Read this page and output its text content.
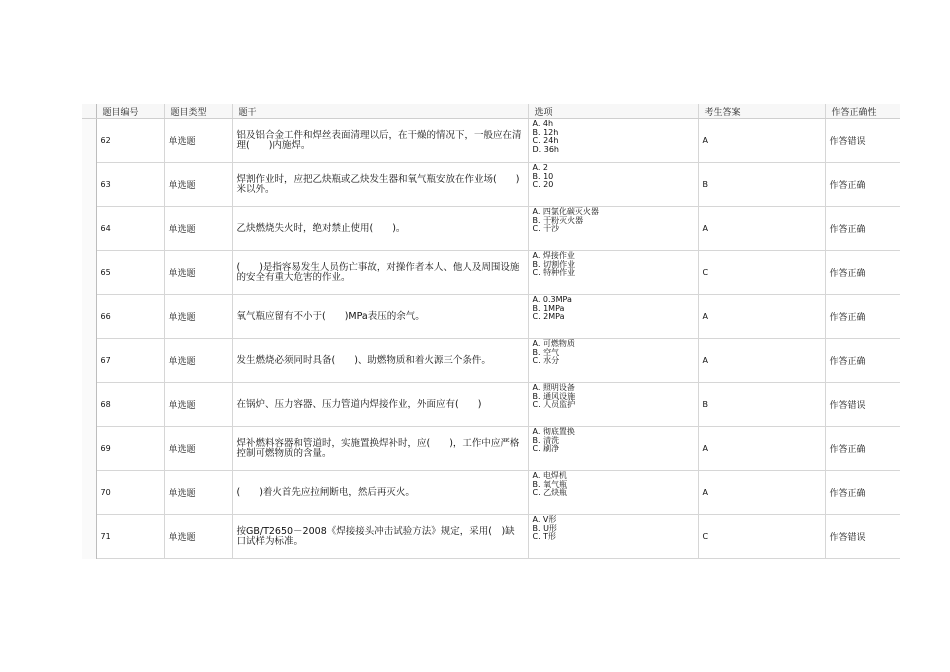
	题目编号	题目类型	题干	选项	考生答案	作答正确性
	62	单选题	铝及铝合金工件和焊丝表面清理以后，在干燥的情况下，一般应在清理(　　)内施焊。	A. 4h
B. 12h
C. 24h
D. 36h	A	作答错误
	63	单选题	焊割作业时，应把乙炔瓶或乙炔发生器和氧气瓶安放在作业场(　　)米以外。	A. 2
B. 10
C. 20	B	作答正确
	64	单选题	乙炔燃烧失火时，绝对禁止使用(　　)。	A. 四氯化碳灭火器
B. 干粉灭火器
C. 干沙	A	作答正确
	65	单选题	(　　)是指容易发生人员伤亡事故，对操作者本人、他人及周围设施的安全有重大危害的作业。	A. 焊接作业
B. 切割作业
C. 特种作业	C	作答正确
	66	单选题	氧气瓶应留有不小于(　　)MPa表压的余气。	A. 0.3MPa
B. 1MPa
C. 2MPa	A	作答正确
	67	单选题	发生燃烧必须同时具备(　　)、助燃物质和着火源三个条件。	A. 可燃物质
B. 空气
C. 水分	A	作答正确
	68	单选题	在锅炉、压力容器、压力管道内焊接作业，外面应有(　　)	A. 照明设备
B. 通风设施
C. 人员监护	B	作答错误
	69	单选题	焊补燃料容器和管道时，实施置换焊补时，应(　　)，工作中应严格控制可燃物质的含量。	A. 彻底置换
B. 清洗
C. 刷净	A	作答正确
	70	单选题	(　　)着火首先应拉闸断电，然后再灭火。	A. 电焊机
B. 氧气瓶
C. 乙炔瓶	A	作答正确
	71	单选题	按GB/T2650－2008《焊接接头冲击试验方法》规定，采用(　)缺口试样为标准。	A. V形
B. U形
C. T形	C	作答错误
